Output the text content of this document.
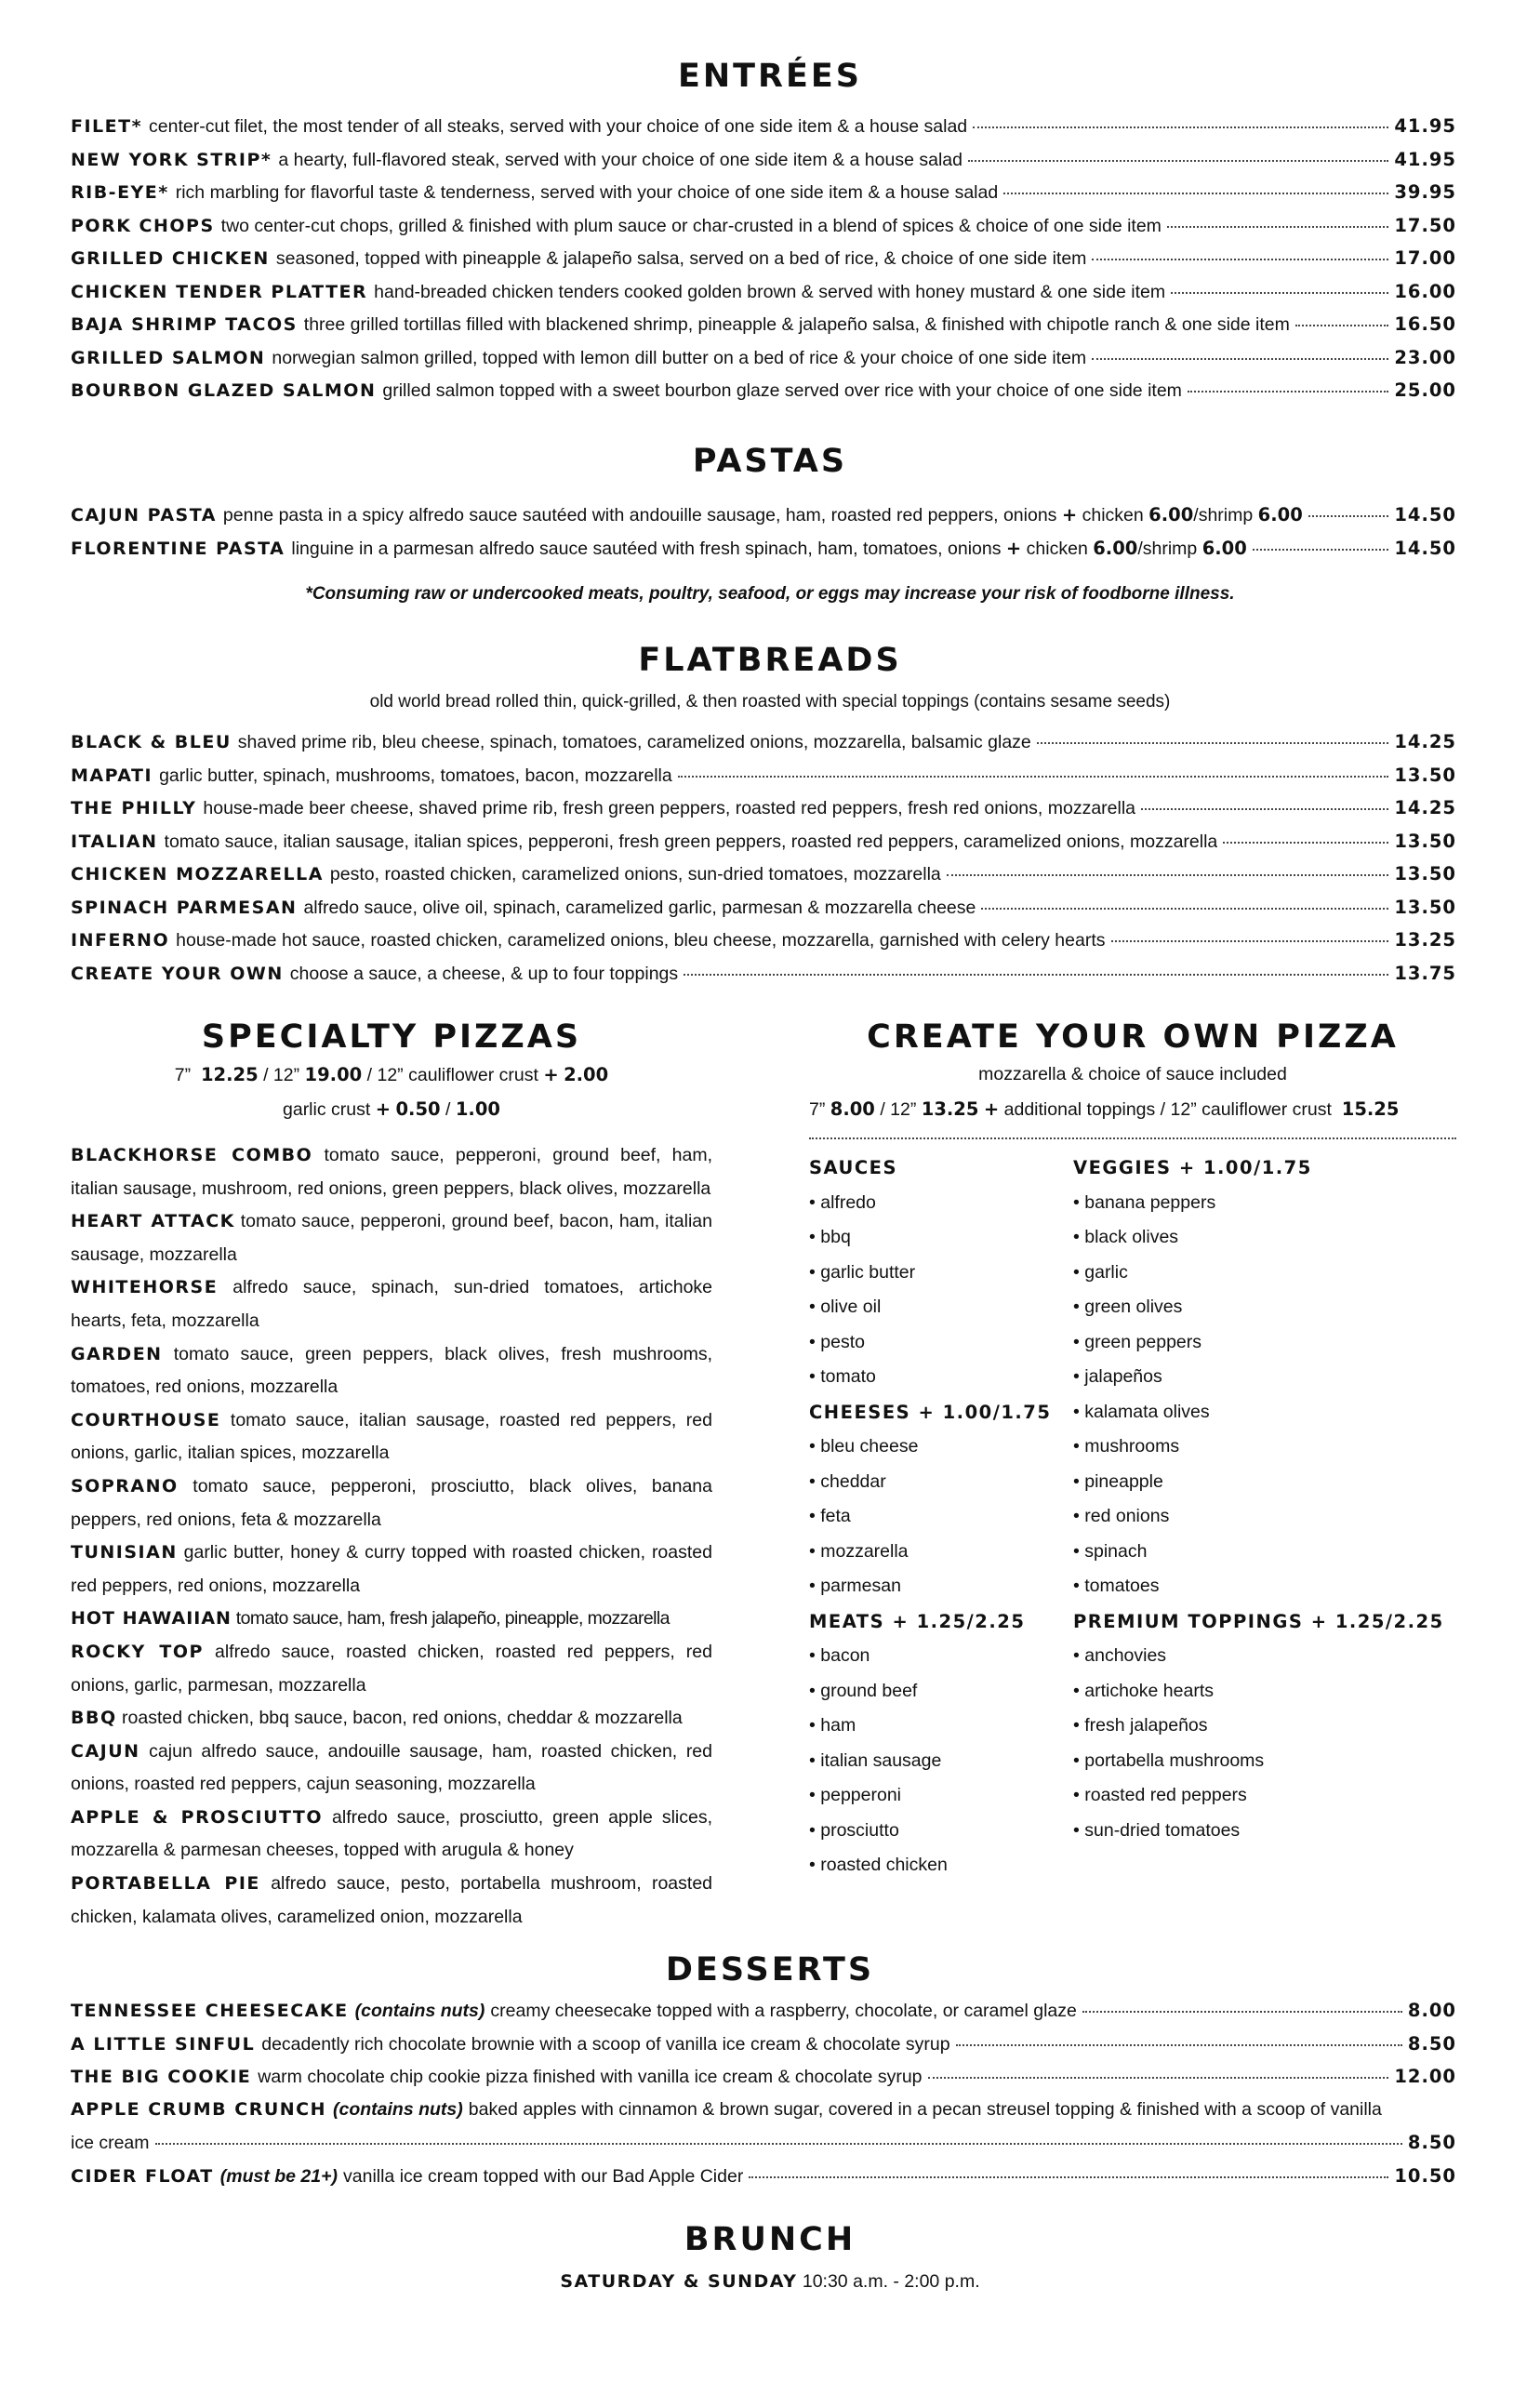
ENTRÉES
FILET* center-cut filet, the most tender of all steaks, served with your choice of one side item & a house salad	41.95
NEW YORK STRIP* a hearty, full-flavored steak, served with your choice of one side item & a house salad	41.95
RIB-EYE* rich marbling for flavorful taste & tenderness, served with your choice of one side item & a house salad	39.95
PORK CHOPS two center-cut chops, grilled & finished with plum sauce or char-crusted in a blend of spices & choice of one side item	17.50
GRILLED CHICKEN seasoned, topped with pineapple & jalapeño salsa, served on a bed of rice, & choice of one side item	17.00
CHICKEN TENDER PLATTER hand-breaded chicken tenders cooked golden brown & served with honey mustard & one side item	16.00
BAJA SHRIMP TACOS three grilled tortillas filled with blackened shrimp, pineapple & jalapeño salsa, & finished with chipotle ranch & one side item	16.50
GRILLED SALMON norwegian salmon grilled, topped with lemon dill butter on a bed of rice & your choice of one side item	23.00
BOURBON GLAZED SALMON grilled salmon topped with a sweet bourbon glaze served over rice with your choice of one side item	25.00
PASTAS
CAJUN PASTA penne pasta in a spicy alfredo sauce sautéed with andouille sausage, ham, roasted red peppers, onions + chicken 6.00/shrimp 6.00	14.50
FLORENTINE PASTA linguine in a parmesan alfredo sauce sautéed with fresh spinach, ham, tomatoes, onions + chicken 6.00/shrimp 6.00	14.50
*Consuming raw or undercooked meats, poultry, seafood, or eggs may increase your risk of foodborne illness.
FLATBREADS
old world bread rolled thin, quick-grilled, & then roasted with special toppings (contains sesame seeds)
BLACK & BLEU shaved prime rib, bleu cheese, spinach, tomatoes, caramelized onions, mozzarella, balsamic glaze	14.25
MAPATI garlic butter, spinach, mushrooms, tomatoes, bacon, mozzarella	13.50
THE PHILLY house-made beer cheese, shaved prime rib, fresh green peppers, roasted red peppers, fresh red onions, mozzarella	14.25
ITALIAN tomato sauce, italian sausage, italian spices, pepperoni, fresh green peppers, roasted red peppers, caramelized onions, mozzarella	13.50
CHICKEN MOZZARELLA pesto, roasted chicken, caramelized onions, sun-dried tomatoes, mozzarella	13.50
SPINACH PARMESAN alfredo sauce, olive oil, spinach, caramelized garlic, parmesan & mozzarella cheese	13.50
INFERNO house-made hot sauce, roasted chicken, caramelized onions, bleu cheese, mozzarella, garnished with celery hearts	13.25
CREATE YOUR OWN choose a sauce, a cheese, & up to four toppings	13.75
SPECIALTY PIZZAS
7” 12.25 / 12” 19.00 / 12” cauliflower crust + 2.00
garlic crust + 0.50 / 1.00
BLACKHORSE COMBO tomato sauce, pepperoni, ground beef, ham, italian sausage, mushroom, red onions, green peppers, black olives, mozzarella
HEART ATTACK tomato sauce, pepperoni, ground beef, bacon, ham, italian sausage, mozzarella
WHITEHORSE alfredo sauce, spinach, sun-dried tomatoes, artichoke hearts, feta, mozzarella
GARDEN tomato sauce, green peppers, black olives, fresh mushrooms, tomatoes, red onions, mozzarella
COURTHOUSE tomato sauce, italian sausage, roasted red peppers, red onions, garlic, italian spices, mozzarella
SOPRANO tomato sauce, pepperoni, prosciutto, black olives, banana peppers, red onions, feta & mozzarella
TUNISIAN garlic butter, honey & curry topped with roasted chicken, roasted red peppers, red onions, mozzarella
HOT HAWAIIAN tomato sauce, ham, fresh jalapeño, pineapple, mozzarella
ROCKY TOP alfredo sauce, roasted chicken, roasted red peppers, red onions, garlic, parmesan, mozzarella
BBQ roasted chicken, bbq sauce, bacon, red onions, cheddar & mozzarella
CAJUN cajun alfredo sauce, andouille sausage, ham, roasted chicken, red onions, roasted red peppers, cajun seasoning, mozzarella
APPLE & PROSCIUTTO alfredo sauce, prosciutto, green apple slices, mozzarella & parmesan cheeses, topped with arugula & honey
PORTABELLA PIE alfredo sauce, pesto, portabella mushroom, roasted chicken, kalamata olives, caramelized onion, mozzarella
CREATE YOUR OWN PIZZA
mozzarella & choice of sauce included
7” 8.00 / 12” 13.25 + additional toppings / 12” cauliflower crust 15.25
SAUCES
• alfredo
• bbq
• garlic butter
• olive oil
• pesto
• tomato
CHEESES + 1.00/1.75
• bleu cheese
• cheddar
• feta
• mozzarella
• parmesan
MEATS + 1.25/2.25
• bacon
• ground beef
• ham
• italian sausage
• pepperoni
• prosciutto
• roasted chicken
VEGGIES + 1.00/1.75
• banana peppers
• black olives
• garlic
• green olives
• green peppers
• jalapeños
• kalamata olives
• mushrooms
• pineapple
• red onions
• spinach
• tomatoes
PREMIUM TOPPINGS + 1.25/2.25
• anchovies
• artichoke hearts
• fresh jalapeños
• portabella mushrooms
• roasted red peppers
• sun-dried tomatoes
DESSERTS
TENNESSEE CHEESECAKE (contains nuts) creamy cheesecake topped with a raspberry, chocolate, or caramel glaze	8.00
A LITTLE SINFUL decadently rich chocolate brownie with a scoop of vanilla ice cream & chocolate syrup	8.50
THE BIG COOKIE warm chocolate chip cookie pizza finished with vanilla ice cream & chocolate syrup	12.00
APPLE CRUMB CRUNCH (contains nuts) baked apples with cinnamon & brown sugar, covered in a pecan streusel topping & finished with a scoop of vanilla
ice cream	8.50
CIDER FLOAT (must be 21+) vanilla ice cream topped with our Bad Apple Cider	10.50
BRUNCH
SATURDAY & SUNDAY 10:30 a.m. - 2:00 p.m.
